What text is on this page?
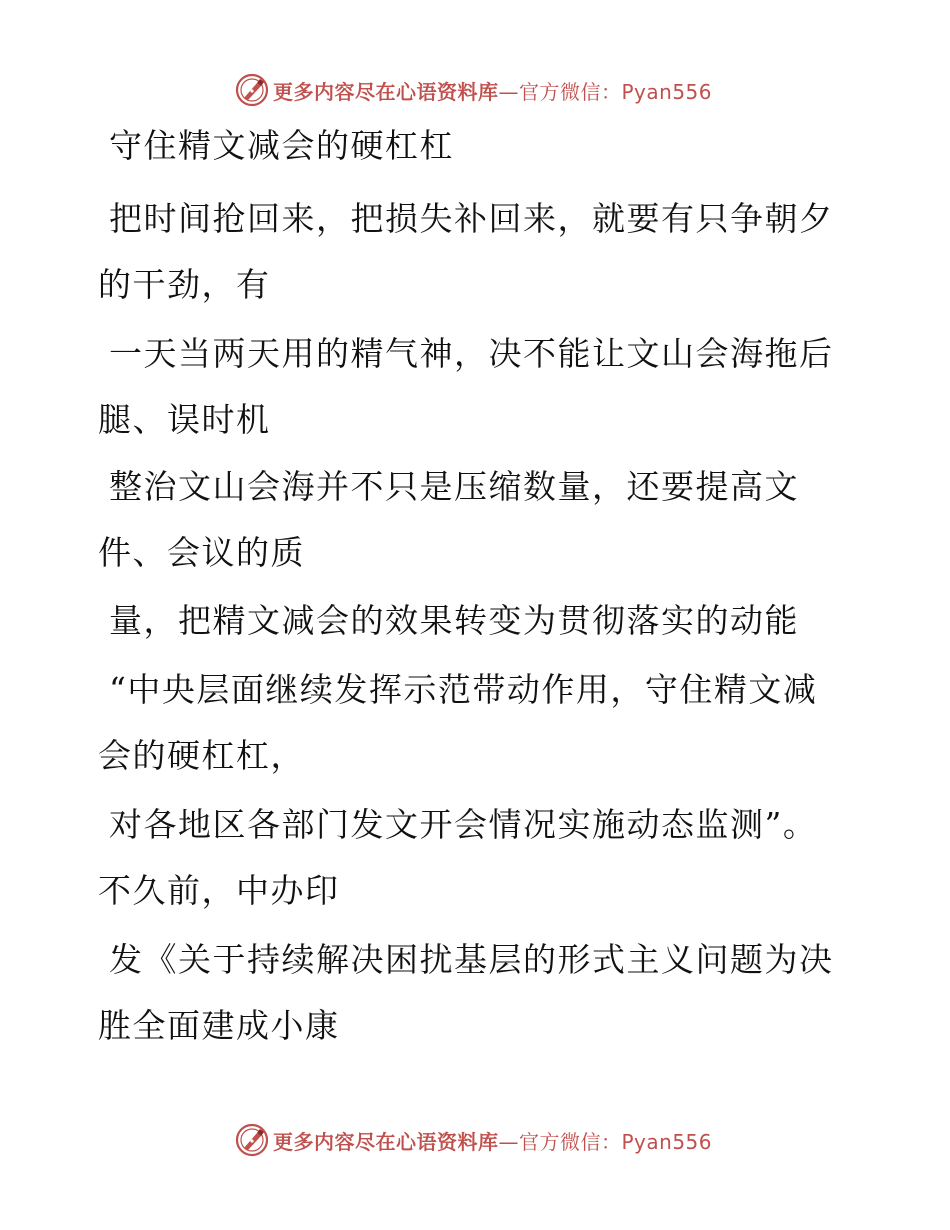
更多内容尽在心语资料库—官方微信：Pyan556
守住精文减会的硬杠杠
把时间抢回来，把损失补回来，就要有只争朝夕的干劲，有
一天当两天用的精气神，决不能让文山会海拖后腿、误时机
整治文山会海并不只是压缩数量，还要提高文件、会议的质
量，把精文减会的效果转变为贯彻落实的动能
“中央层面继续发挥示范带动作用，守住精文减会的硬杠杠，
对各地区各部门发文开会情况实施动态监测”。不久前，中办印
发《关于持续解决困扰基层的形式主义问题为决胜全面建成小康
更多内容尽在心语资料库—官方微信：Pyan556
